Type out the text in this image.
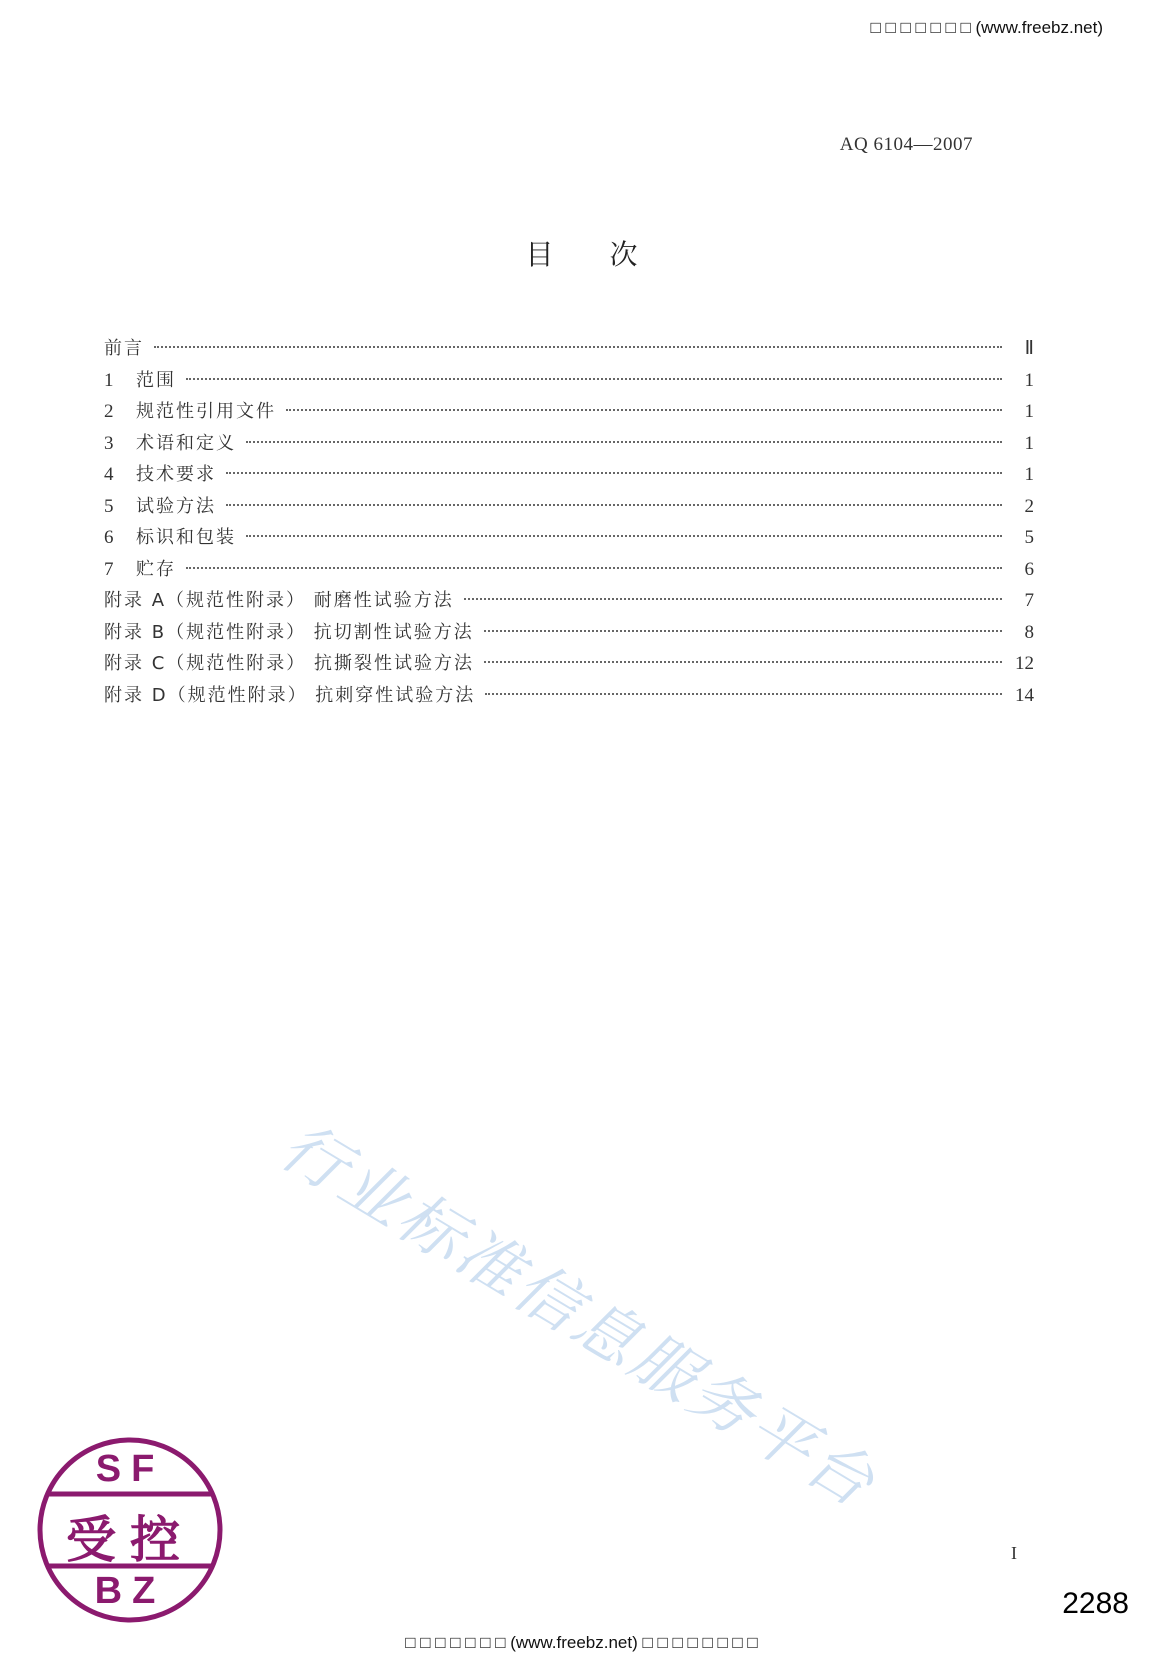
□ □ □ □ □ □ □ (www.freebz.net)
AQ 6104—2007
目次
前言	Ⅱ
1	范围	1
2	规范性引用文件	1
3	术语和定义	1
4	技术要求	1
5	试验方法	2
6	标识和包装	5
7	贮存	6
附录 A（规范性附录） 耐磨性试验方法	7
附录 B（规范性附录） 抗切割性试验方法	8
附录 C（规范性附录） 抗撕裂性试验方法	12
附录 D（规范性附录） 抗刺穿性试验方法	14
行业标准信息服务平台
SF
受控
BZ
I
2288
□ □ □ □ □ □ □ (www.freebz.net) □ □ □ □ □ □ □ □
